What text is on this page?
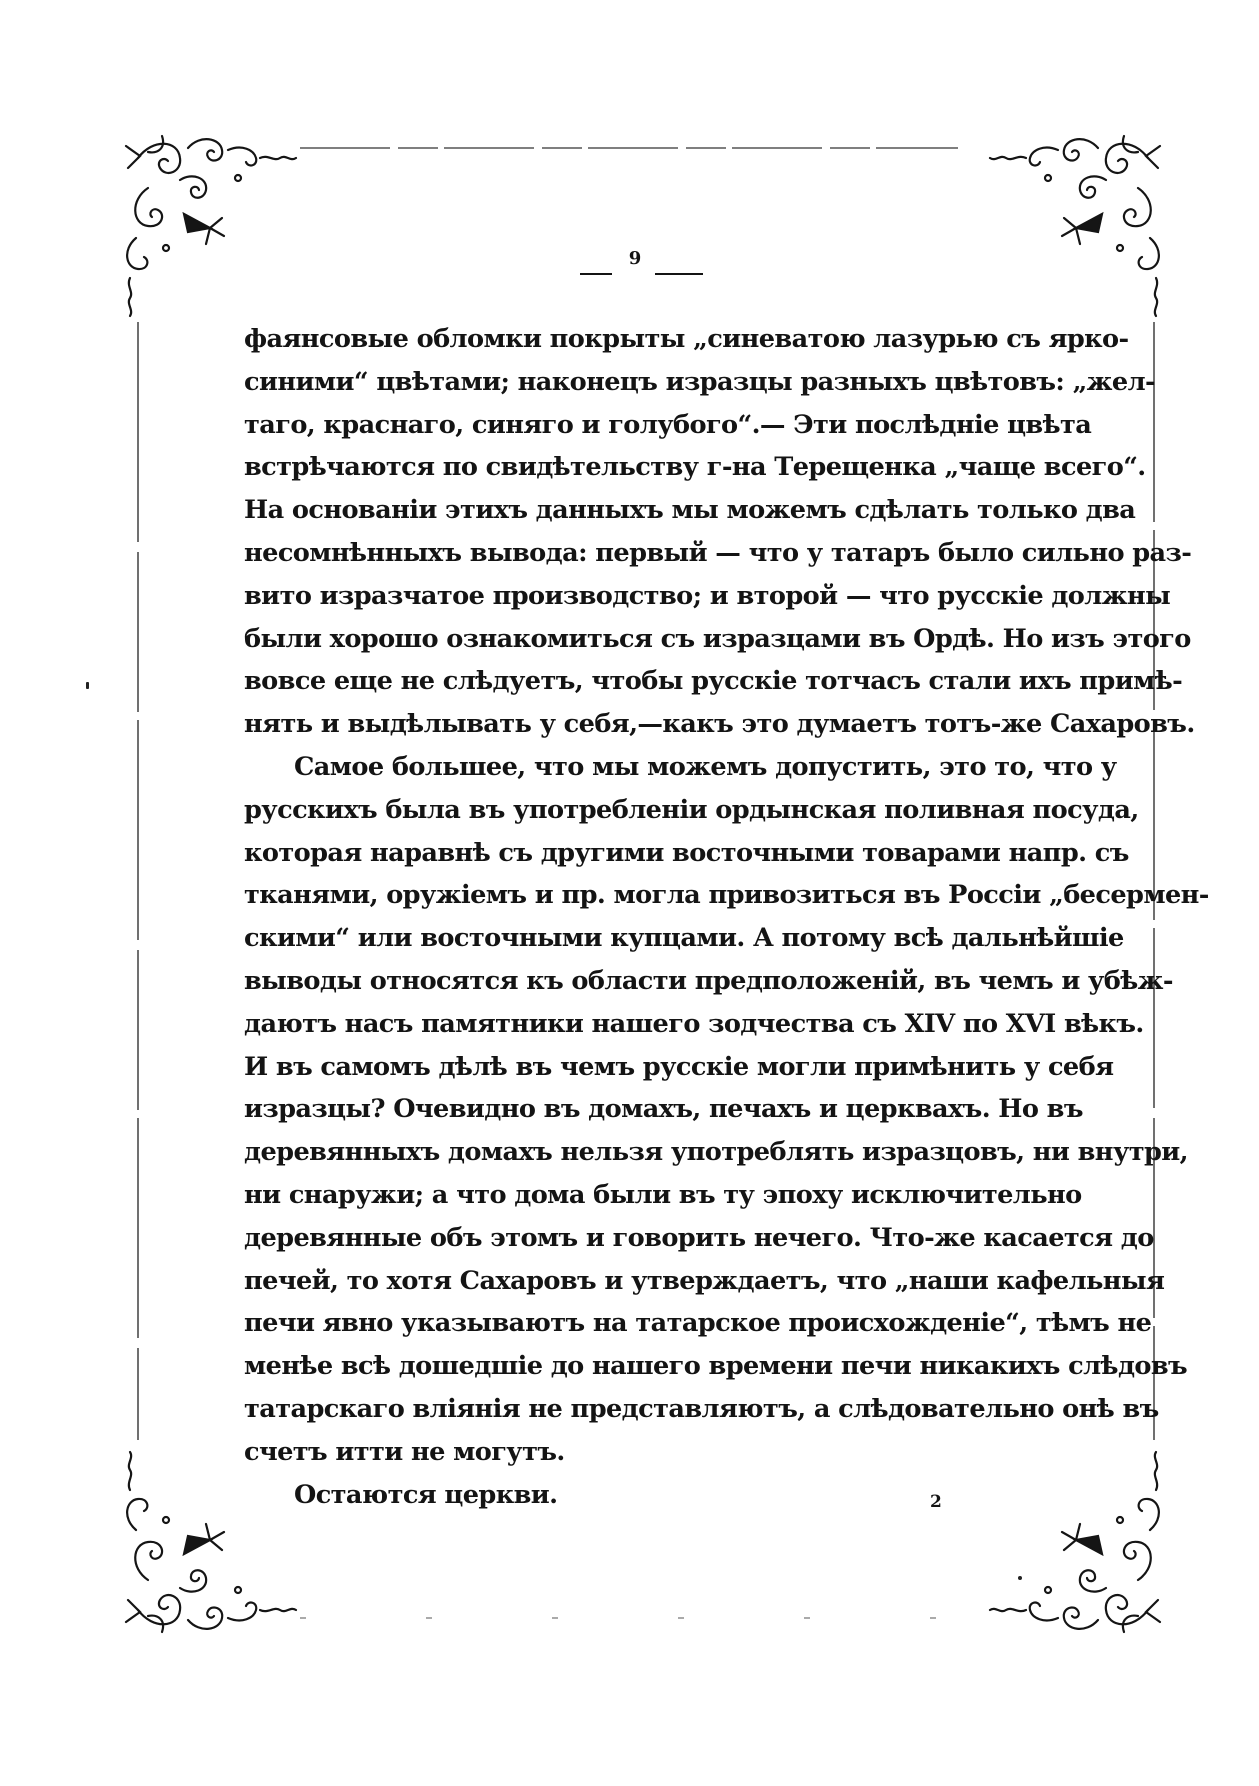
9
фаянсовые обломки покрыты „синеватою лазурью съ ярко-
синими“ цвѣтами; наконецъ изразцы разныхъ цвѣтовъ: „жел-
таго, краснаго, синяго и голубого“.— Эти послѣдніе цвѣта
встрѣчаются по свидѣтельству г-на Терещенка „чаще всего“.
На основаніи этихъ данныхъ мы можемъ сдѣлать только два
несомнѣнныхъ вывода: первый — что у татаръ было сильно раз-
вито изразчатое производство; и второй — что русскіе должны
были хорошо ознакомиться съ изразцами въ Ордѣ. Но изъ этого
вовсе еще не слѣдуетъ, чтобы русскіе тотчасъ стали ихъ примѣ-
нять и выдѣлывать у себя,—какъ это думаетъ тотъ-же Сахаровъ.
Самое большее, что мы можемъ допустить, это то, что у
русскихъ была въ употребленіи ордынская поливная посуда,
которая наравнѣ съ другими восточными товарами напр. съ
тканями, оружіемъ и пр. могла привозиться въ Россіи „бесермен-
скими“ или восточными купцами. А потому всѣ дальнѣйшіе
выводы относятся къ области предположеній, въ чемъ и убѣж-
даютъ насъ памятники нашего зодчества съ XIV по XVI вѣкъ.
И въ самомъ дѣлѣ въ чемъ русскіе могли примѣнить у себя
изразцы? Очевидно въ домахъ, печахъ и церквахъ. Но въ
деревянныхъ домахъ нельзя употреблять изразцовъ, ни внутри,
ни снаружи; а что дома были въ ту эпоху исключительно
деревянные объ этомъ и говорить нечего. Что-же касается до
печей, то хотя Сахаровъ и утверждаетъ, что „наши кафельныя
печи явно указываютъ на татарское происхожденіе“, тѣмъ не
менѣе всѣ дошедшіе до нашего времени печи никакихъ слѣдовъ
татарскаго вліянія не представляютъ, а слѣдовательно онѣ въ
счетъ итти не могутъ.
Остаются церкви.	2
